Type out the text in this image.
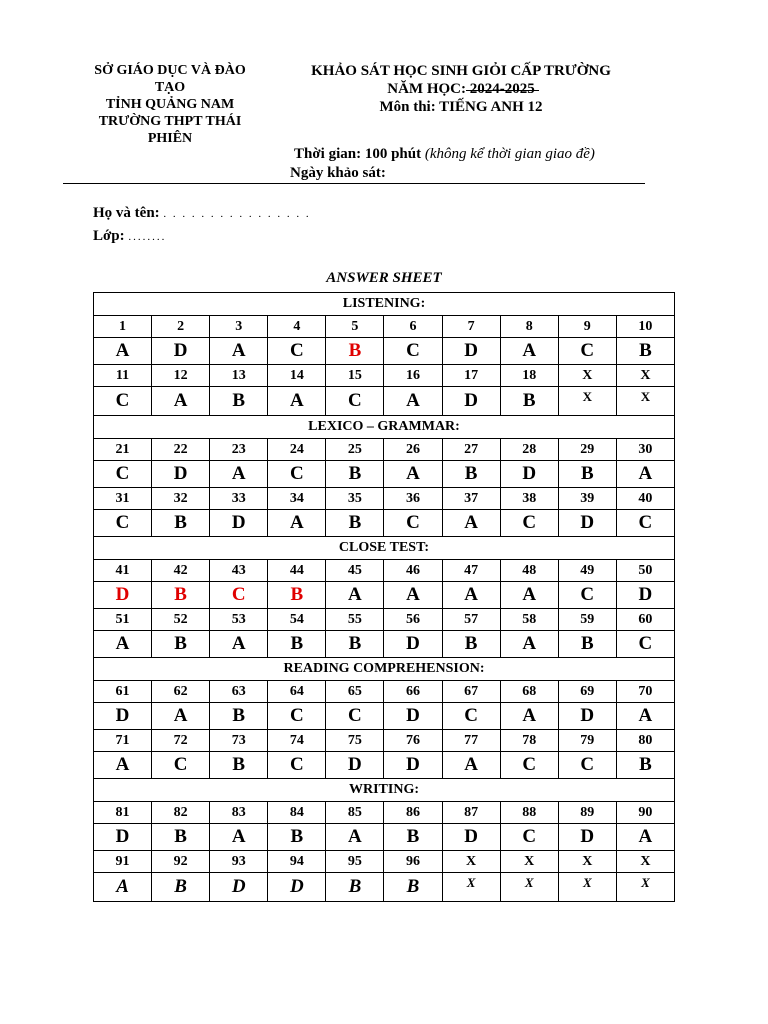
SỞ GIÁO DỤC VÀ ĐÀO TẠO
TỈNH QUẢNG NAM
TRƯỜNG THPT THÁI PHIÊN
KHẢO SÁT HỌC SINH GIỎI CẤP TRƯỜNG
NĂM HỌC: 2024-2025
Môn thi: TIẾNG ANH 12
Thời gian: 100 phút (không kể thời gian giao đề)
Ngày khảo sát:
Họ và tên: . . . . . . . . . . . . . . . .
Lớp: ........
ANSWER SHEET
LISTENING:									
1	2	3	4	5	6	7	8	9	10
A	D	A	C	B	C	D	A	C	B
11	12	13	14	15	16	17	18	X	X
C	A	B	A	C	A	D	B	X	X
LEXICO – GRAMMAR:									
21	22	23	24	25	26	27	28	29	30
C	D	A	C	B	A	B	D	B	A
31	32	33	34	35	36	37	38	39	40
C	B	D	A	B	C	A	C	D	C
CLOSE TEST:									
41	42	43	44	45	46	47	48	49	50
D	B	C	B	A	A	A	A	C	D
51	52	53	54	55	56	57	58	59	60
A	B	A	B	B	D	B	A	B	C
READING COMPREHENSION:									
61	62	63	64	65	66	67	68	69	70
D	A	B	C	C	D	C	A	D	A
71	72	73	74	75	76	77	78	79	80
A	C	B	C	D	D	A	C	C	B
WRITING:									
81	82	83	84	85	86	87	88	89	90
D	B	A	B	A	B	D	C	D	A
91	92	93	94	95	96	X	X	X	X
A	B	D	D	B	B	X	X	X	X
